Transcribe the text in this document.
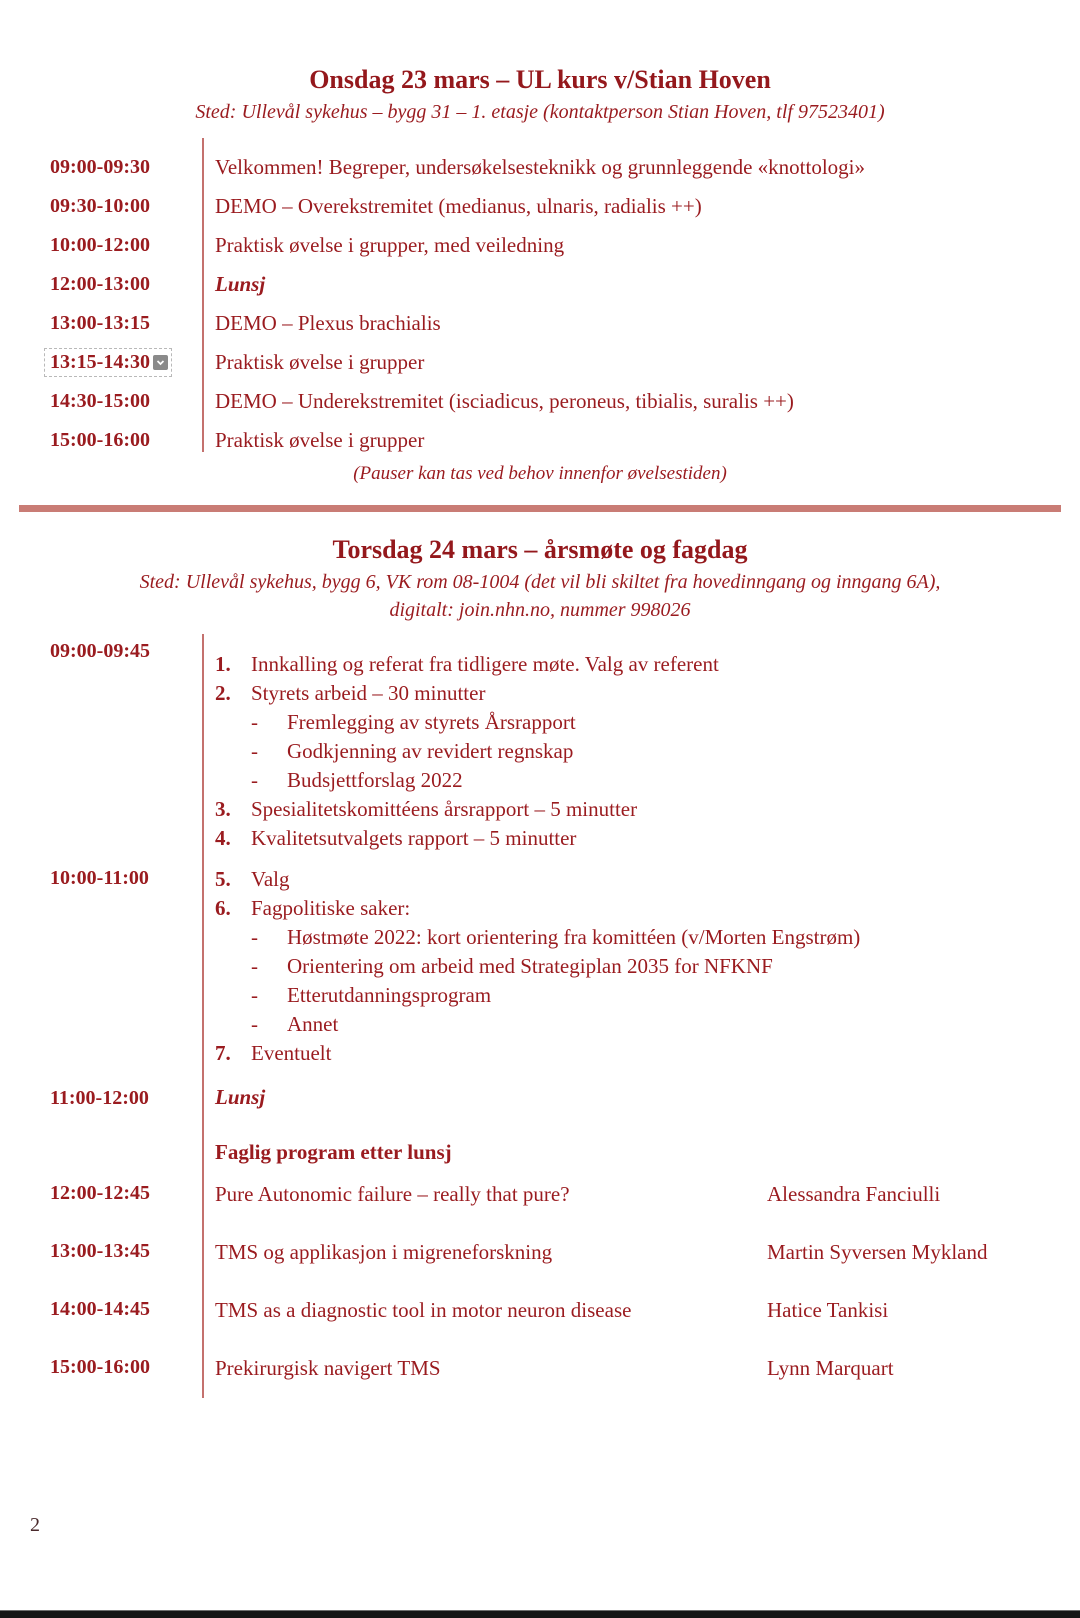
Onsdag 23 mars – UL kurs v/Stian Hoven
Sted: Ullevål sykehus – bygg 31 – 1. etasje (kontaktperson Stian Hoven, tlf 97523401)
09:00-09:30	Velkommen! Begreper, undersøkelsesteknikk og grunnleggende «knottologi»
09:30-10:00	DEMO – Overekstremitet (medianus, ulnaris, radialis ++)
10:00-12:00	Praktisk øvelse i grupper, med veiledning
12:00-13:00	Lunsj
13:00-13:15	DEMO – Plexus brachialis
13:15-14:30	Praktisk øvelse i grupper
14:30-15:00	DEMO – Underekstremitet (isciadicus, peroneus, tibialis, suralis ++)
15:00-16:00	Praktisk øvelse i grupper
(Pauser kan tas ved behov innenfor øvelsestiden)
Torsdag 24 mars – årsmøte og fagdag
Sted: Ullevål sykehus, bygg 6, VK rom 08-1004 (det vil bli skiltet fra hovedinngang og inngang 6A),
digitalt: join.nhn.no, nummer 998026
09:00-09:45
1. Innkalling og referat fra tidligere møte. Valg av referent
2. Styrets arbeid – 30 minutter
-	Fremlegging av styrets Årsrapport
-	Godkjenning av revidert regnskap
-	Budsjettforslag 2022
3. Spesialitetskomittéens årsrapport – 5 minutter
4. Kvalitetsutvalgets rapport – 5 minutter
10:00-11:00	5. Valg
6. Fagpolitiske saker:
-	Høstmøte 2022: kort orientering fra komittéen (v/Morten Engstrøm)
-	Orientering om arbeid med Strategiplan 2035 for NFKNF
-	Etterutdanningsprogram
-	Annet
7. Eventuelt
11:00-12:00	Lunsj
Faglig program etter lunsj
12:00-12:45	Pure Autonomic failure – really that pure?	Alessandra Fanciulli
13:00-13:45	TMS og applikasjon i migreneforskning	Martin Syversen Mykland
14:00-14:45	TMS as a diagnostic tool in motor neuron disease	Hatice Tankisi
15:00-16:00	Prekirurgisk navigert TMS	Lynn Marquart
2
